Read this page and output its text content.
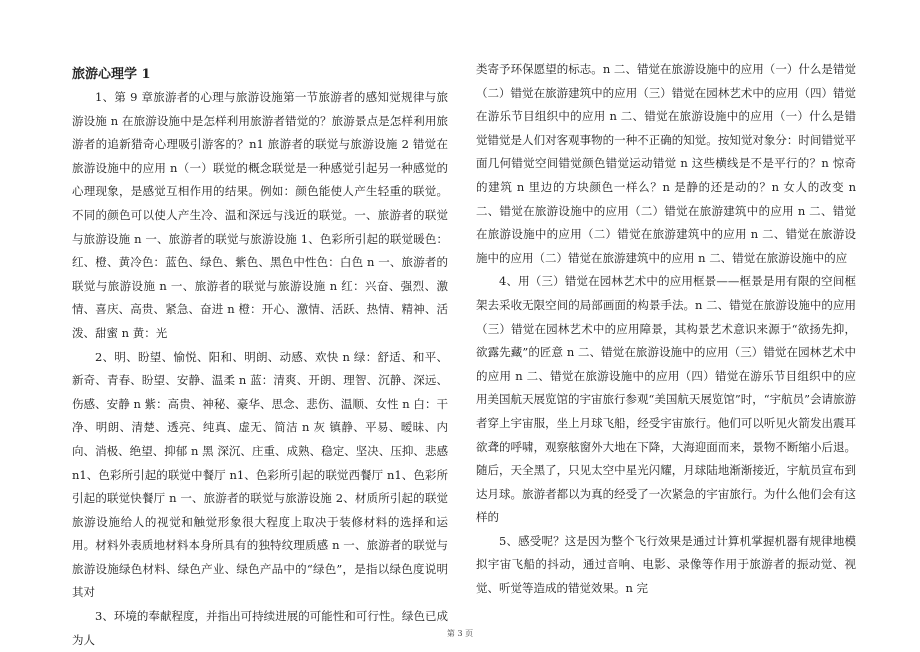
旅游心理学 1

1、第 9 章旅游者的心理与旅游设施第一节旅游者的感知觉规律与旅游设施 n 在旅游设施中是怎样利用旅游者错觉的？旅游景点是怎样利用旅游者的追新猎奇心理吸引游客的？n1 旅游者的联觉与旅游设施 2 错觉在旅游设施中的应用 n（一）联觉的概念联觉是一种感觉引起另一种感觉的心理现象，是感觉互相作用的结果。例如：颜色能使人产生轻重的联觉。不同的颜色可以使人产生冷、温和深远与浅近的联觉。一、旅游者的联觉与旅游设施 n 一、旅游者的联觉与旅游设施 1、色彩所引起的联觉暖色：红、橙、黄冷色：蓝色、绿色、紫色、黑色中性色：白色 n 一、旅游者的联觉与旅游设施 n 一、旅游者的联觉与旅游设施 n 红：兴奋、强烈、激情、喜庆、高贵、紧急、奋进 n 橙：开心、激情、活跃、热情、精神、活泼、甜蜜 n 黄：光

2、明、盼望、愉悦、阳和、明朗、动感、欢快 n 绿：舒适、和平、新奇、青春、盼望、安静、温柔 n 蓝：清爽、开朗、理智、沉静、深远、伤感、安静 n 紫：高贵、神秘、豪华、思念、悲伤、温顺、女性 n 白：干净、明朗、清楚、透亮、纯真、虚无、简洁 n 灰 镇静、平易、暧昧、内向、消极、绝望、抑郁 n 黑 深沉、庄重、成熟、稳定、坚决、压抑、悲感 n1、色彩所引起的联觉中餐厅 n1、色彩所引起的联觉西餐厅 n1、色彩所引起的联觉快餐厅 n 一、旅游者的联觉与旅游设施 2、材质所引起的联觉旅游设施给人的视觉和触觉形象很大程度上取决于装修材料的选择和运用。材料外表质地材料本身所具有的独特纹理质感 n 一、旅游者的联觉与旅游设施绿色材料、绿色产业、绿色产品中的“绿色”，是指以绿色度说明其对

3、环境的奉献程度，并指出可持续进展的可能性和可行性。绿色已成为人

类寄予环保愿望的标志。n 二、错觉在旅游设施中的应用（一）什么是错觉（二）错觉在旅游建筑中的应用（三）错觉在园林艺术中的应用（四）错觉在游乐节目组织中的应用 n 二、错觉在旅游设施中的应用（一）什么是错觉错觉是人们对客观事物的一种不正确的知觉。按知觉对象分：时间错觉平面几何错觉空间错觉颜色错觉运动错觉 n 这些横线是不是平行的？n 惊奇的建筑 n 里边的方块颜色一样么？n 是静的还是动的？n 女人的改变 n 二、错觉在旅游设施中的应用（二）错觉在旅游建筑中的应用 n 二、错觉在旅游设施中的应用（二）错觉在旅游建筑中的应用 n 二、错觉在旅游设施中的应用（二）错觉在旅游建筑中的应用 n 二、错觉在旅游设施中的应

4、用（三）错觉在园林艺术中的应用框景——框景是用有限的空间框架去采收无限空间的局部画面的构景手法。n 二、错觉在旅游设施中的应用（三）错觉在园林艺术中的应用障景，其构景艺术意识来源于“欲扬先抑，欲露先藏”的匠意 n 二、错觉在旅游设施中的应用（三）错觉在园林艺术中的应用 n 二、错觉在旅游设施中的应用（四）错觉在游乐节目组织中的应用美国航天展览馆的宇宙旅行参观“美国航天展览馆”时，“宇航员”会请旅游者穿上宇宙服，坐上月球飞船，经受宇宙旅行。他们可以听见火箭发出震耳欲聋的呼啸，观察舷窗外大地在下降，大海迎面而来，景物不断缩小后退。随后，天全黑了，只见太空中星光闪耀，月球陆地渐渐接近，宇航员宣布到达月球。旅游者都以为真的经受了一次紧急的宇宙旅行。为什么他们会有这样的

5、感受呢？这是因为整个飞行效果是通过计算机掌握机器有规律地模拟宇宙飞船的抖动，通过音响、电影、录像等作用于旅游者的振动觉、视觉、听觉等造成的错觉效果。n 完

第 3 页
